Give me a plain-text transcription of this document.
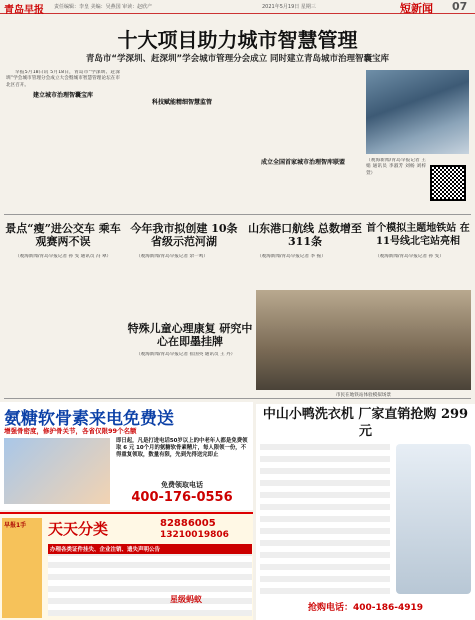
青岛早报 责任编辑：李皇 美编：吴燕国 审读：赵欣产	2021年5月19日 星期三	短新闻 07
十大项目助力城市智慧管理
青岛市“学深圳、赶深圳”学会城市管理分会成立 同时建立青岛城市治理智囊宝库

早报5月18日讯 5月18日，青岛市“学深圳、赶深圳”学会城市管理分会成立大会暨城市智慧管理论坛在市北区召开。

建立城市治理智囊宝库
科技赋能精细智慧监管
成立全国首家城市治理智库联盟	（观海新闻/青岛早报记者 王 娟 通讯员 李淑芳 刘杨 刘梓萱）
景点“瘦”进公交车 乘车观赛两不误

（观海新闻/青岛早报记者 孙 雯 通讯员 冯 翠）

今年我市拟创建 10条省级示范河湖

（观海新闻/青岛早报记者 余一鸣）

山东港口航线 总数增至311条

（观海新闻/青岛早报记者 李 振）

首个模拟主题地铁站 在11号线北宅站亮相

（观海新闻/青岛早报记者 孙 雯）

市民在地铁站体验模拟场景
特殊儿童心理康复 研究中心在即墨挂牌

（观海新闻/青岛早报记者 崔国英 通讯员 王 丹）

氨糖软骨素来电免费送
增强骨密度，修护骨关节，各省仅限99个名额
即日起，凡是打进电话50岁以上的中老年人都是免费领取 6 元 10个月的氨糖软骨素精片，每人限领一份，不得重复领取，数量有限，先到先得送完即止
免费领取电话
400-176-0556
早报1手	天天分类	82886005
13210019806
办理各类证件挂失、企业注销、遗失声明公告
星级蚂蚁
中山小鸭洗衣机 厂家直销抢购 299 元
抢购电话：400-186-4919
